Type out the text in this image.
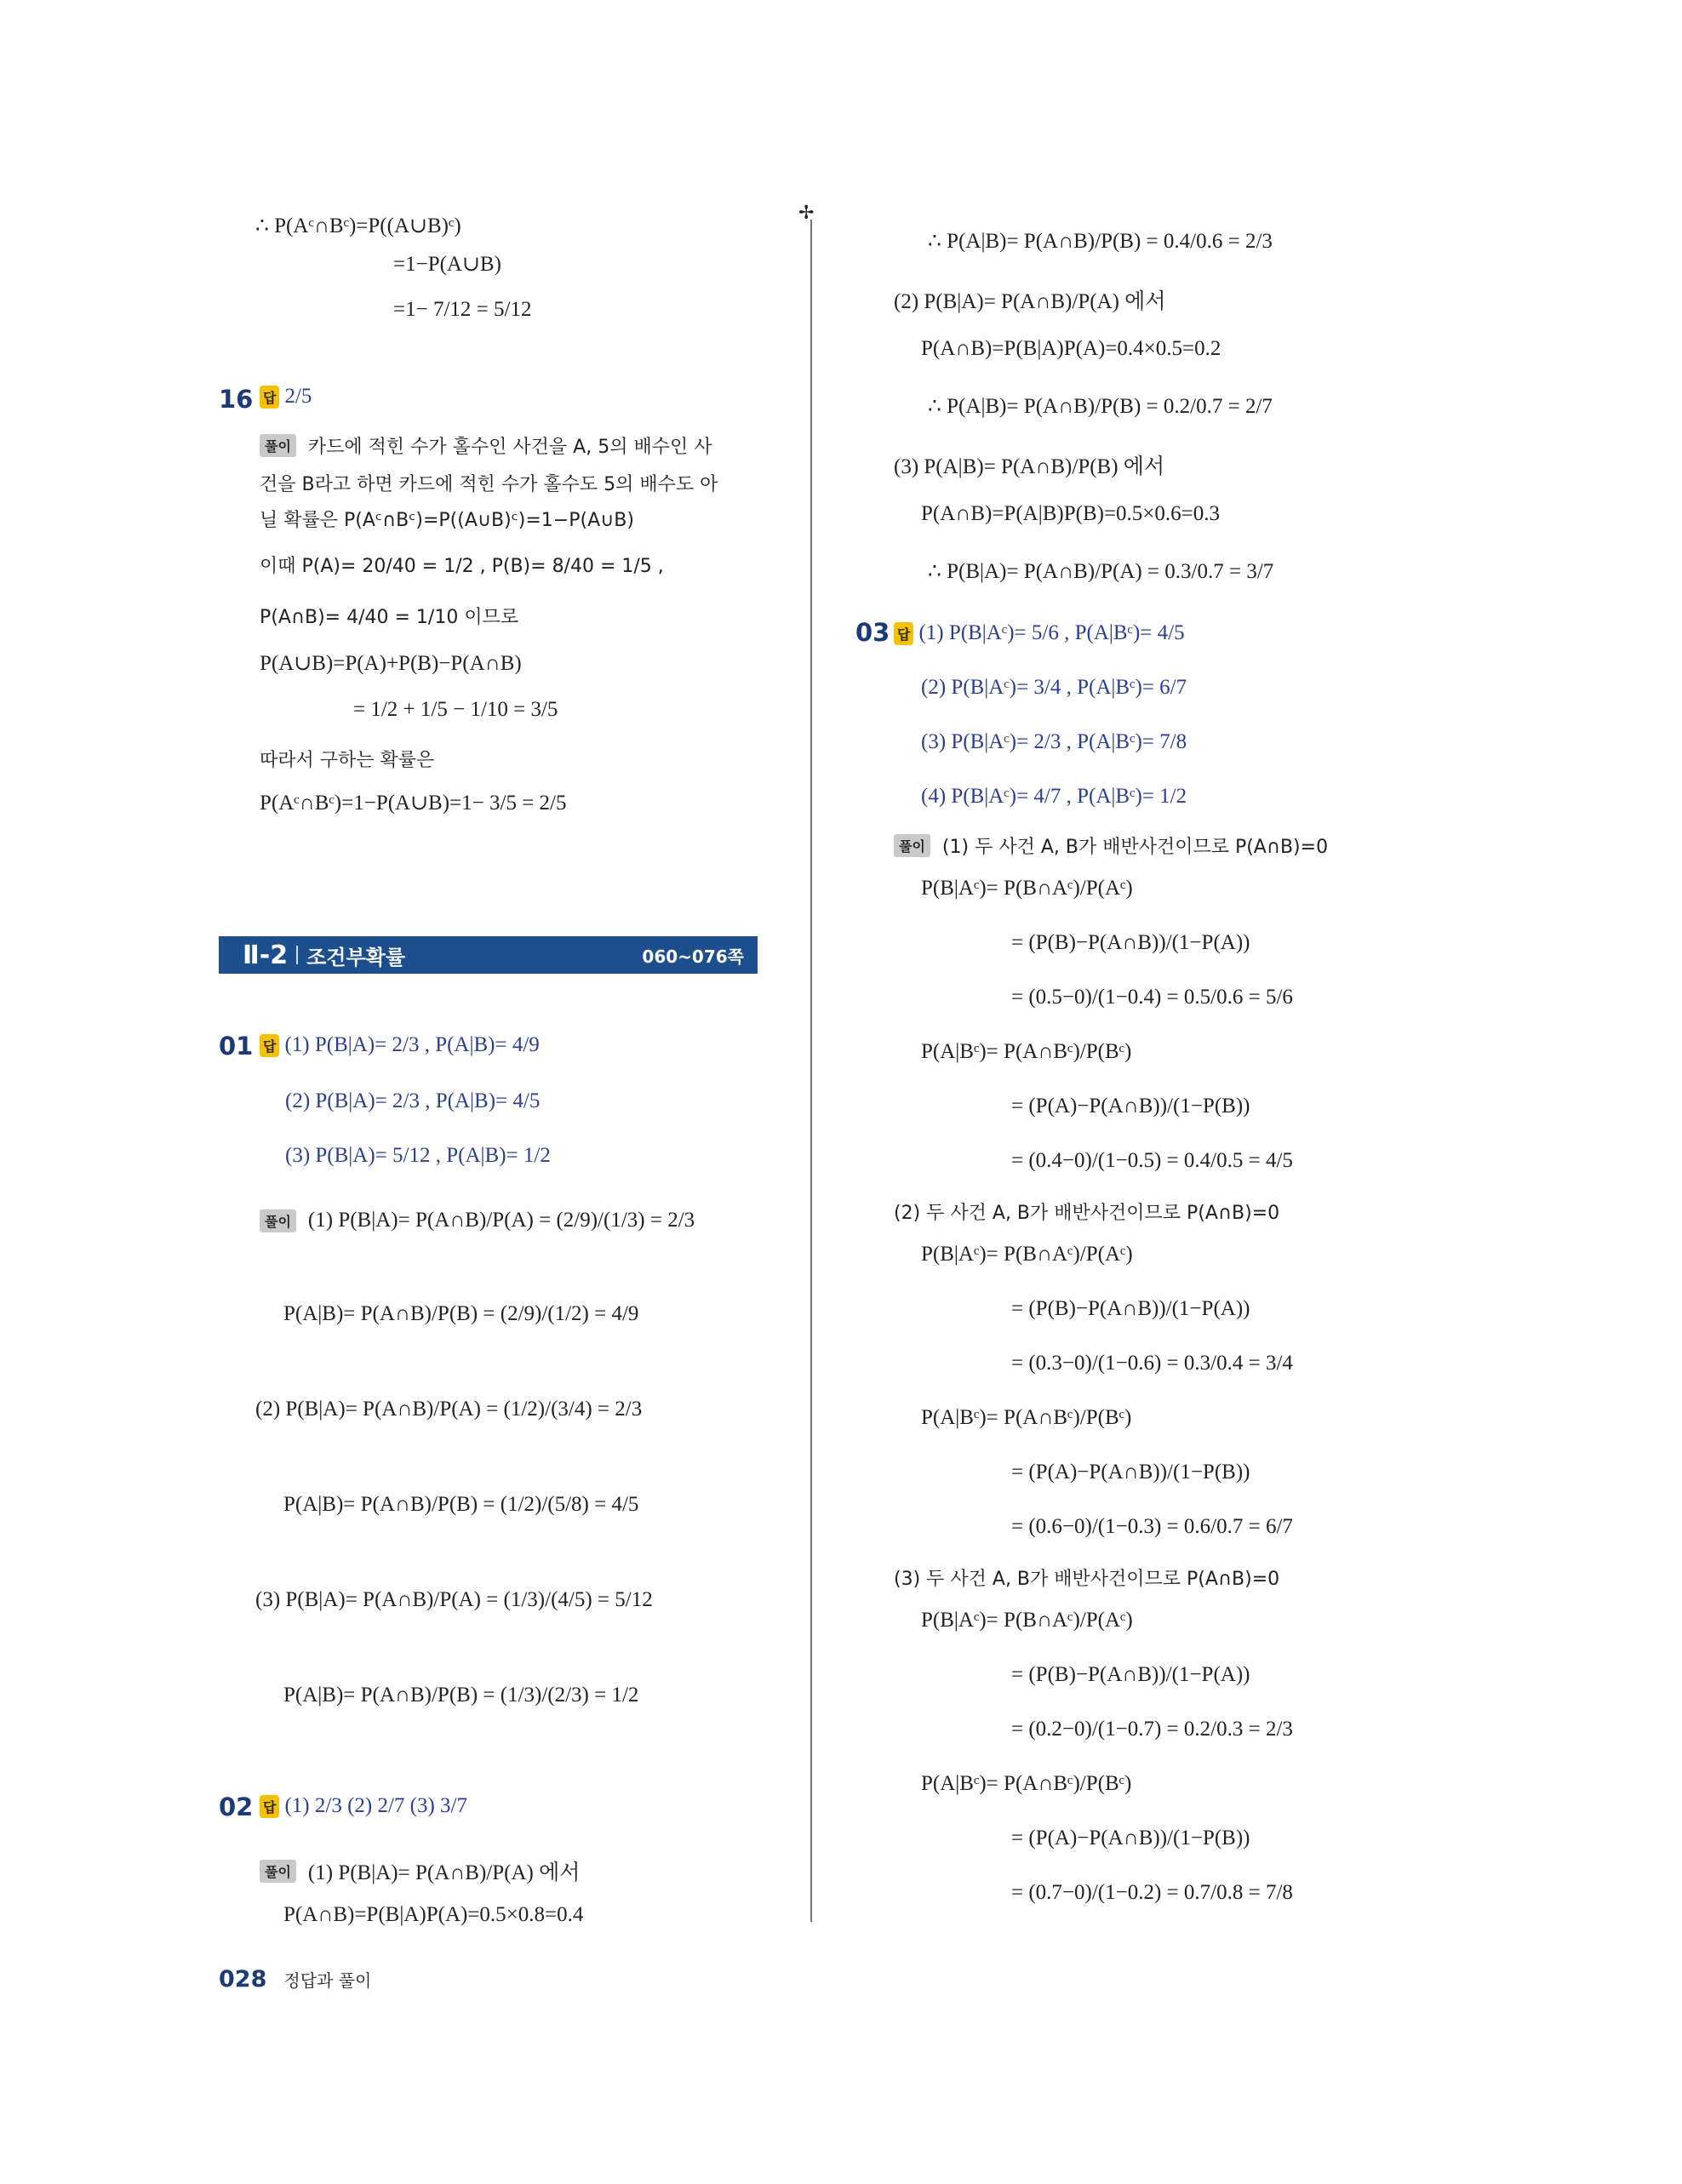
✢
∴ P(Aᶜ∩Bᶜ)=P((A∪B)ᶜ)
=1−P(A∪B)
=1− 7/12 = 5/12
16 답 2/5
풀이 카드에 적힌 수가 홀수인 사건을 A, 5의 배수인 사
건을 B라고 하면 카드에 적힌 수가 홀수도 5의 배수도 아
닐 확률은 P(Aᶜ∩Bᶜ)=P((A∪B)ᶜ)=1−P(A∪B)
이때 P(A)= 20/40 = 1/2 , P(B)= 8/40 = 1/5 ,
P(A∩B)= 4/40 = 1/10 이므로
P(A∪B)=P(A)+P(B)−P(A∩B)
= 1/2 + 1/5 − 1/10 = 3/5
따라서 구하는 확률은
P(Aᶜ∩Bᶜ)=1−P(A∪B)=1− 3/5 = 2/5
Ⅱ-2 조건부확률	060~076쪽
01 답 (1) P(B|A)= 2/3 , P(A|B)= 4/9
(2) P(B|A)= 2/3 , P(A|B)= 4/5
(3) P(B|A)= 5/12 , P(A|B)= 1/2
풀이 (1) P(B|A)= P(A∩B)/P(A) = (2/9)/(1/3) = 2/3
P(A|B)= P(A∩B)/P(B) = (2/9)/(1/2) = 4/9
(2) P(B|A)= P(A∩B)/P(A) = (1/2)/(3/4) = 2/3
P(A|B)= P(A∩B)/P(B) = (1/2)/(5/8) = 4/5
(3) P(B|A)= P(A∩B)/P(A) = (1/3)/(4/5) = 5/12
P(A|B)= P(A∩B)/P(B) = (1/3)/(2/3) = 1/2
02 답 (1) 2/3 (2) 2/7 (3) 3/7
풀이 (1) P(B|A)= P(A∩B)/P(A) 에서
P(A∩B)=P(B|A)P(A)=0.5×0.8=0.4
∴ P(A|B)= P(A∩B)/P(B) = 0.4/0.6 = 2/3
(2) P(B|A)= P(A∩B)/P(A) 에서
P(A∩B)=P(B|A)P(A)=0.4×0.5=0.2
∴ P(A|B)= P(A∩B)/P(B) = 0.2/0.7 = 2/7
(3) P(A|B)= P(A∩B)/P(B) 에서
P(A∩B)=P(A|B)P(B)=0.5×0.6=0.3
∴ P(B|A)= P(A∩B)/P(A) = 0.3/0.7 = 3/7
03 답 (1) P(B|Aᶜ)= 5/6 , P(A|Bᶜ)= 4/5
(2) P(B|Aᶜ)= 3/4 , P(A|Bᶜ)= 6/7
(3) P(B|Aᶜ)= 2/3 , P(A|Bᶜ)= 7/8
(4) P(B|Aᶜ)= 4/7 , P(A|Bᶜ)= 1/2
풀이 (1) 두 사건 A, B가 배반사건이므로 P(A∩B)=0
P(B|Aᶜ)= P(B∩Aᶜ)/P(Aᶜ)
= (P(B)−P(A∩B))/(1−P(A))
= (0.5−0)/(1−0.4) = 0.5/0.6 = 5/6
P(A|Bᶜ)= P(A∩Bᶜ)/P(Bᶜ)
= (P(A)−P(A∩B))/(1−P(B))
= (0.4−0)/(1−0.5) = 0.4/0.5 = 4/5
(2) 두 사건 A, B가 배반사건이므로 P(A∩B)=0
P(B|Aᶜ)= P(B∩Aᶜ)/P(Aᶜ)
= (P(B)−P(A∩B))/(1−P(A))
= (0.3−0)/(1−0.6) = 0.3/0.4 = 3/4
P(A|Bᶜ)= P(A∩Bᶜ)/P(Bᶜ)
= (P(A)−P(A∩B))/(1−P(B))
= (0.6−0)/(1−0.3) = 0.6/0.7 = 6/7
(3) 두 사건 A, B가 배반사건이므로 P(A∩B)=0
P(B|Aᶜ)= P(B∩Aᶜ)/P(Aᶜ)
= (P(B)−P(A∩B))/(1−P(A))
= (0.2−0)/(1−0.7) = 0.2/0.3 = 2/3
P(A|Bᶜ)= P(A∩Bᶜ)/P(Bᶜ)
= (P(A)−P(A∩B))/(1−P(B))
= (0.7−0)/(1−0.2) = 0.7/0.8 = 7/8
028 정답과 풀이
